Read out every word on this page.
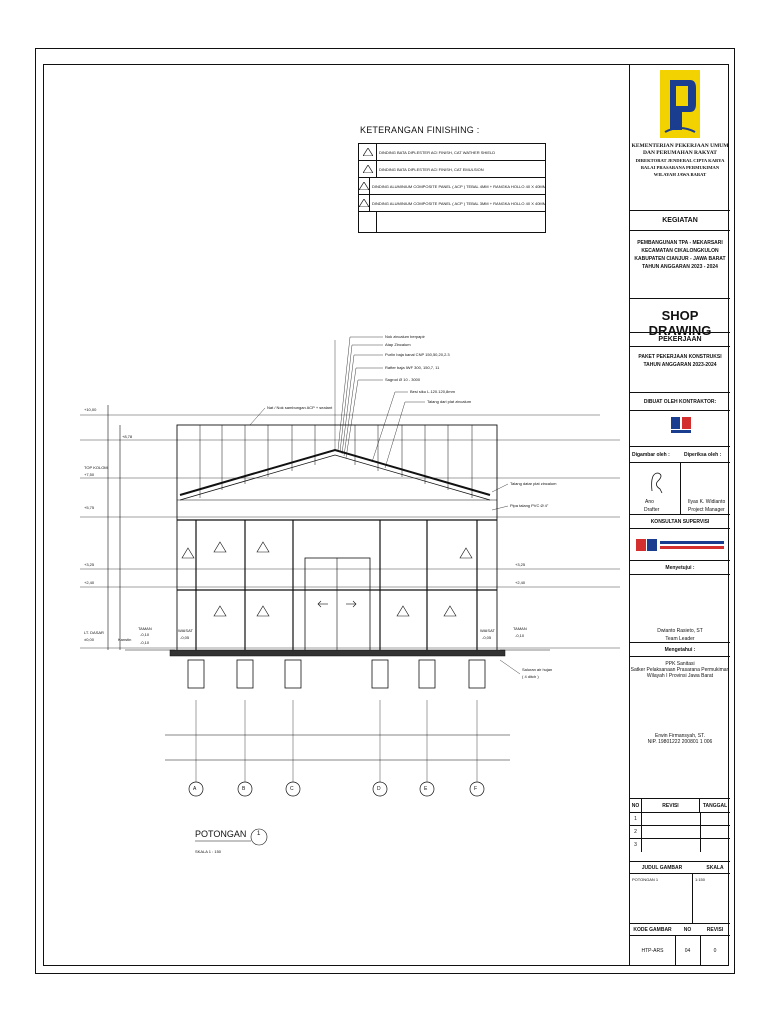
KETERANGAN FINISHING :
DINDING BATA DIPLESTER ACI FINISH, CAT WATHER SHIELD
DINDING BATA DIPLESTER ACI FINISH, CAT EMULSION
DINDING ALUMINIUM COMPOSITE PANEL ( ACP ) TEBAL 4MM + RANGKA HOLLO 40 X 40MM
DINDING ALUMINIUM COMPOSITE PANEL ( ACP ) TEBAL 3MM + RANGKA HOLLO 40 X 40MM
A	B	C	D	E	F
+10,00
+8,78
TOP KOLOM
+7,50
+5,75
+3,25
+2,40
LT. DASAR
±0,00
+3,25
+2,40
TAMAN
-0,10
Kanstin
-0,10
WAISAT
-0,05
WAISAT
-0,05
TAMAN
-0,10
Nok zincalum berpapir
Atap Zincalum
Purlin baja kanal CNP 150,50,20,2.3
Rafter baja IWF 300, 150,7, 11
Sagrod Ø 10 - 3000
Besi siku L.120.120,8mm
Talang dari plat zincalum
Nat / Nok sambungan ACP + sealant
Talang datar plat zincalum
Pipa talang PVC Ø 4"
Saluran air hujan
( 4 ditch )
POTONGAN 1
SKALA 1 : 150
KEMENTERIAN PEKERJAAN UMUM
DAN PERUMAHAN RAKYAT
DIREKTORAT JENDERAL CIPTA KARYA
BALAI PRASARANA PERMUKIMAN
WILAYAH JAWA BARAT
KEGIATAN
PEMBANGUNAN TPA - MEKARSARI
KECAMATAN CIKALONGKULON
KABUPATEN CIANJUR - JAWA BARAT
TAHUN ANGGARAN 2023 - 2024
SHOP DRAWING
PEKERJAAN
PAKET PEKERJAAN KONSTRUKSI
TAHUN ANGGARAN 2023-2024
DIBUAT OLEH KONTRAKTOR:
Digambar oleh :	Diperiksa oleh :
Ano
Drafter
Ilyas K. Widianto
Project Manager
KONSULTAN SUPERVISI
Menyetujui :
Dwianto Rasieto, ST
Team Leader
Mengetahui :
PPK Sanitasi
Satker Pelaksanaan Prasarana Permukiman
Wilayah I Provinsi Jawa Barat
Erwin Firmansyah, ST.
NIP. 19801222 200801 1 006
NO	REVISI	TANGGAL
1
2
3
JUDUL GAMBAR	SKALA
POTONGAN 1	1:150
KODE GAMBAR	NO	REVISI
HTP-ARS	04	0
